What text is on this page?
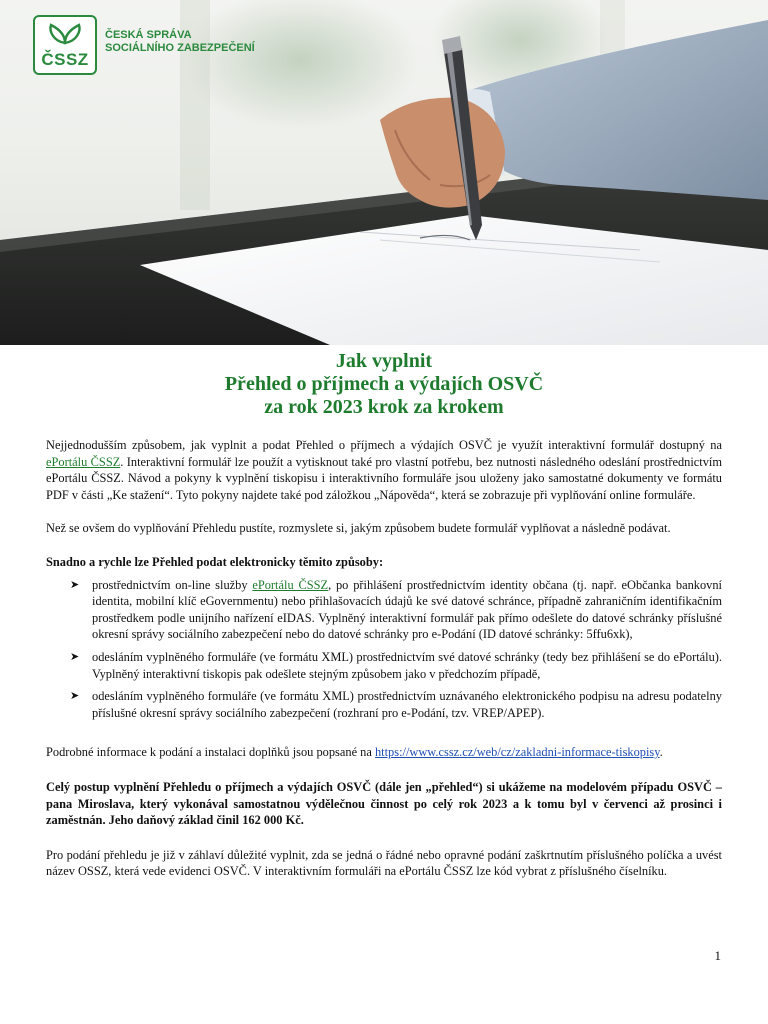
ČSSZ
ČESKÁ SPRÁVA
SOCIÁLNÍHO ZABEZPEČENÍ
Jak vyplnit
Přehled o příjmech a výdajích OSVČ
za rok 2023 krok za krokem

Nejjednodušším způsobem, jak vyplnit a podat Přehled o příjmech a výdajích OSVČ je využít interaktivní formulář dostupný na ePortálu ČSSZ. Interaktivní formulář lze použít a vytisknout také pro vlastní potřebu, bez nutnosti následného odeslání prostřednictvím ePortálu ČSSZ. Návod a pokyny k vyplnění tiskopisu i interaktivního formuláře jsou uloženy jako samostatné dokumenty ve formátu PDF v části „Ke stažení“. Tyto pokyny najdete také pod záložkou „Nápověda“, která se zobrazuje při vyplňování online formuláře.

Než se ovšem do vyplňování Přehledu pustíte, rozmyslete si, jakým způsobem budete formulář vyplňovat a následně podávat.

Snadno a rychle lze Přehled podat elektronicky těmito způsoby:

➤ prostřednictvím on-line služby ePortálu ČSSZ, po přihlášení prostřednictvím identity občana (tj. např. eObčanka bankovní identita, mobilní klíč eGovernmentu) nebo přihlašovacích údajů ke své datové schránce, případně zahraničním identifikačním prostředkem podle unijního nařízení eIDAS. Vyplněný interaktivní formulář pak přímo odešlete do datové schránky příslušné okresní správy sociálního zabezpečení nebo do datové schránky pro e-Podání (ID datové schránky: 5ffu6xk),
➤ odesláním vyplněného formuláře (ve formátu XML) prostřednictvím své datové schránky (tedy bez přihlášení se do ePortálu). Vyplněný interaktivní tiskopis pak odešlete stejným způsobem jako v předchozím případě,
➤ odesláním vyplněného formuláře (ve formátu XML) prostřednictvím uznávaného elektronického podpisu na adresu podatelny příslušné okresní správy sociálního zabezpečení (rozhraní pro e-Podání, tzv. VREP/APEP).

Podrobné informace k podání a instalaci doplňků jsou popsané na https://www.cssz.cz/web/cz/zakladni-informace-tiskopisy.

Celý postup vyplnění Přehledu o příjmech a výdajích OSVČ (dále jen „přehled“) si ukážeme na modelovém případu OSVČ – pana Miroslava, který vykonával samostatnou výdělečnou činnost po celý rok 2023 a k tomu byl v červenci až prosinci i zaměstnán. Jeho daňový základ činil 162 000 Kč.

Pro podání přehledu je již v záhlaví důležité vyplnit, zda se jedná o řádné nebo opravné podání zaškrtnutím příslušného políčka a uvést název OSSZ, která vede evidenci OSVČ. V interaktivním formuláři na ePortálu ČSSZ lze kód vybrat z příslušného číselníku.

1
